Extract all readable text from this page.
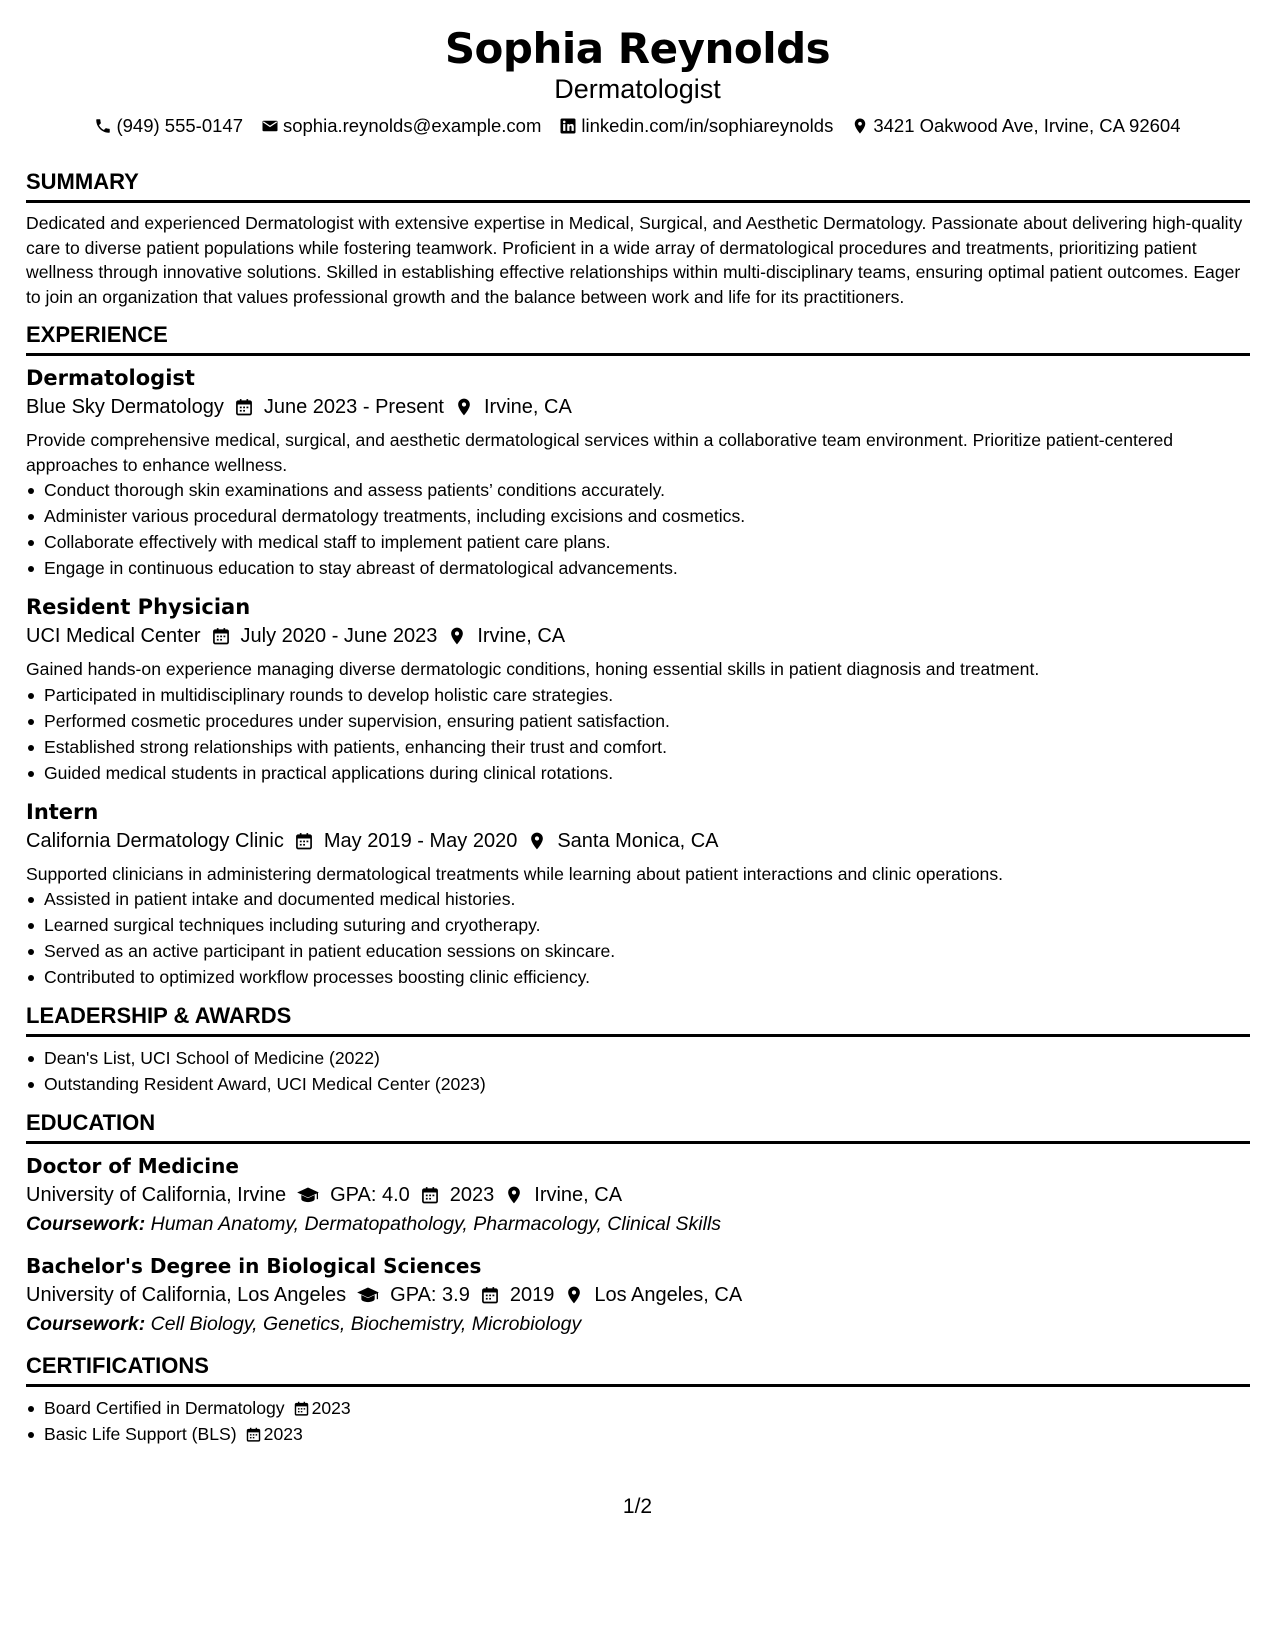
Sophia Reynolds
Dermatologist
(949) 555-0147 sophia.reynolds@example.com linkedin.com/in/sophiareynolds 3421 Oakwood Ave, Irvine, CA 92604
SUMMARY
Dedicated and experienced Dermatologist with extensive expertise in Medical, Surgical, and Aesthetic Dermatology. Passionate about delivering high-quality care to diverse patient populations while fostering teamwork. Proficient in a wide array of dermatological procedures and treatments, prioritizing patient wellness through innovative solutions. Skilled in establishing effective relationships within multi-disciplinary teams, ensuring optimal patient outcomes. Eager to join an organization that values professional growth and the balance between work and life for its practitioners.
EXPERIENCE
Dermatologist
Blue Sky Dermatology June 2023 - Present Irvine, CA
Provide comprehensive medical, surgical, and aesthetic dermatological services within a collaborative team environment. Prioritize patient-centered approaches to enhance wellness.
Conduct thorough skin examinations and assess patients’ conditions accurately.
Administer various procedural dermatology treatments, including excisions and cosmetics.
Collaborate effectively with medical staff to implement patient care plans.
Engage in continuous education to stay abreast of dermatological advancements.
Resident Physician
UCI Medical Center July 2020 - June 2023 Irvine, CA
Gained hands-on experience managing diverse dermatologic conditions, honing essential skills in patient diagnosis and treatment.
Participated in multidisciplinary rounds to develop holistic care strategies.
Performed cosmetic procedures under supervision, ensuring patient satisfaction.
Established strong relationships with patients, enhancing their trust and comfort.
Guided medical students in practical applications during clinical rotations.
Intern
California Dermatology Clinic May 2019 - May 2020 Santa Monica, CA
Supported clinicians in administering dermatological treatments while learning about patient interactions and clinic operations.
Assisted in patient intake and documented medical histories.
Learned surgical techniques including suturing and cryotherapy.
Served as an active participant in patient education sessions on skincare.
Contributed to optimized workflow processes boosting clinic efficiency.
LEADERSHIP & AWARDS
Dean's List, UCI School of Medicine (2022)
Outstanding Resident Award, UCI Medical Center (2023)
EDUCATION
Doctor of Medicine
University of California, Irvine GPA: 4.0 2023 Irvine, CA
Coursework: Human Anatomy, Dermatopathology, Pharmacology, Clinical Skills
Bachelor's Degree in Biological Sciences
University of California, Los Angeles GPA: 3.9 2019 Los Angeles, CA
Coursework: Cell Biology, Genetics, Biochemistry, Microbiology
CERTIFICATIONS
Board Certified in Dermatology 2023
Basic Life Support (BLS) 2023
1/2
